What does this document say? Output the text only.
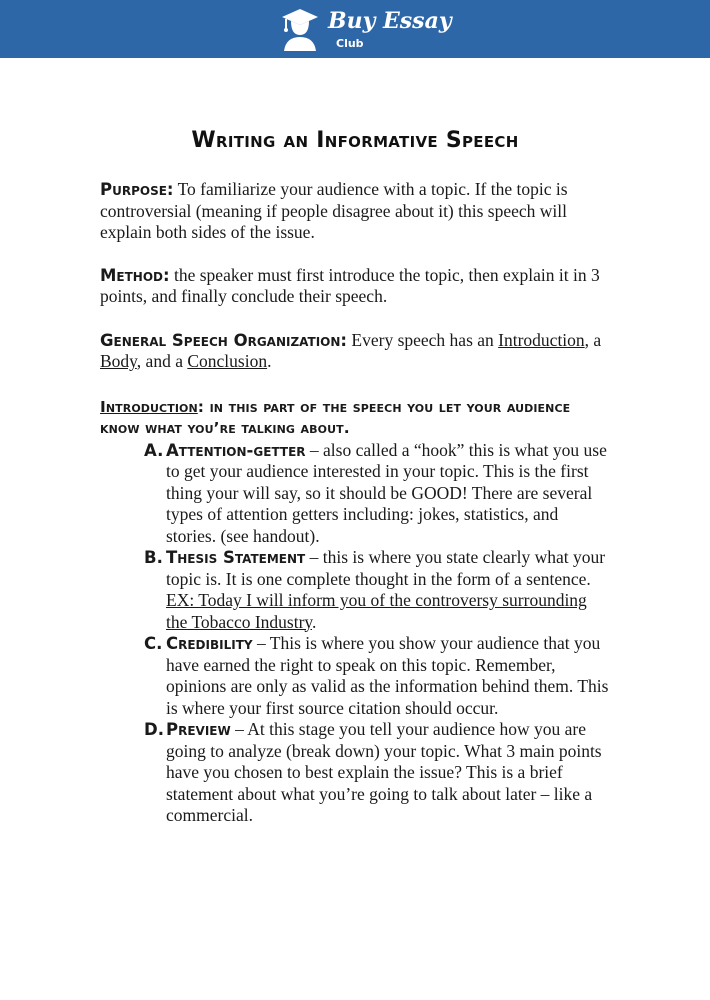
Buy Essay
Club
Writing an Informative Speech

Purpose: To familiarize your audience with a topic. If the topic is controversial (meaning if people disagree about it) this speech will explain both sides of the issue.

Method: the speaker must first introduce the topic, then explain it in 3 points, and finally conclude their speech.

General Speech Organization: Every speech has an Introduction, a Body, and a Conclusion.

Introduction: in this part of the speech you let your audience know what you’re talking about.

A. Attention-getter – also called a “hook” this is what you use to get your audience interested in your topic. This is the first thing your will say, so it should be GOOD! There are several types of attention getters including: jokes, statistics, and stories. (see handout).
B. Thesis Statement – this is where you state clearly what your topic is. It is one complete thought in the form of a sentence. EX: Today I will inform you of the controversy surrounding the Tobacco Industry.
C. Credibility – This is where you show your audience that you have earned the right to speak on this topic. Remember, opinions are only as valid as the information behind them. This is where your first source citation should occur.
D. Preview – At this stage you tell your audience how you are going to analyze (break down) your topic. What 3 main points have you chosen to best explain the issue? This is a brief statement about what you’re going to talk about later – like a commercial.
